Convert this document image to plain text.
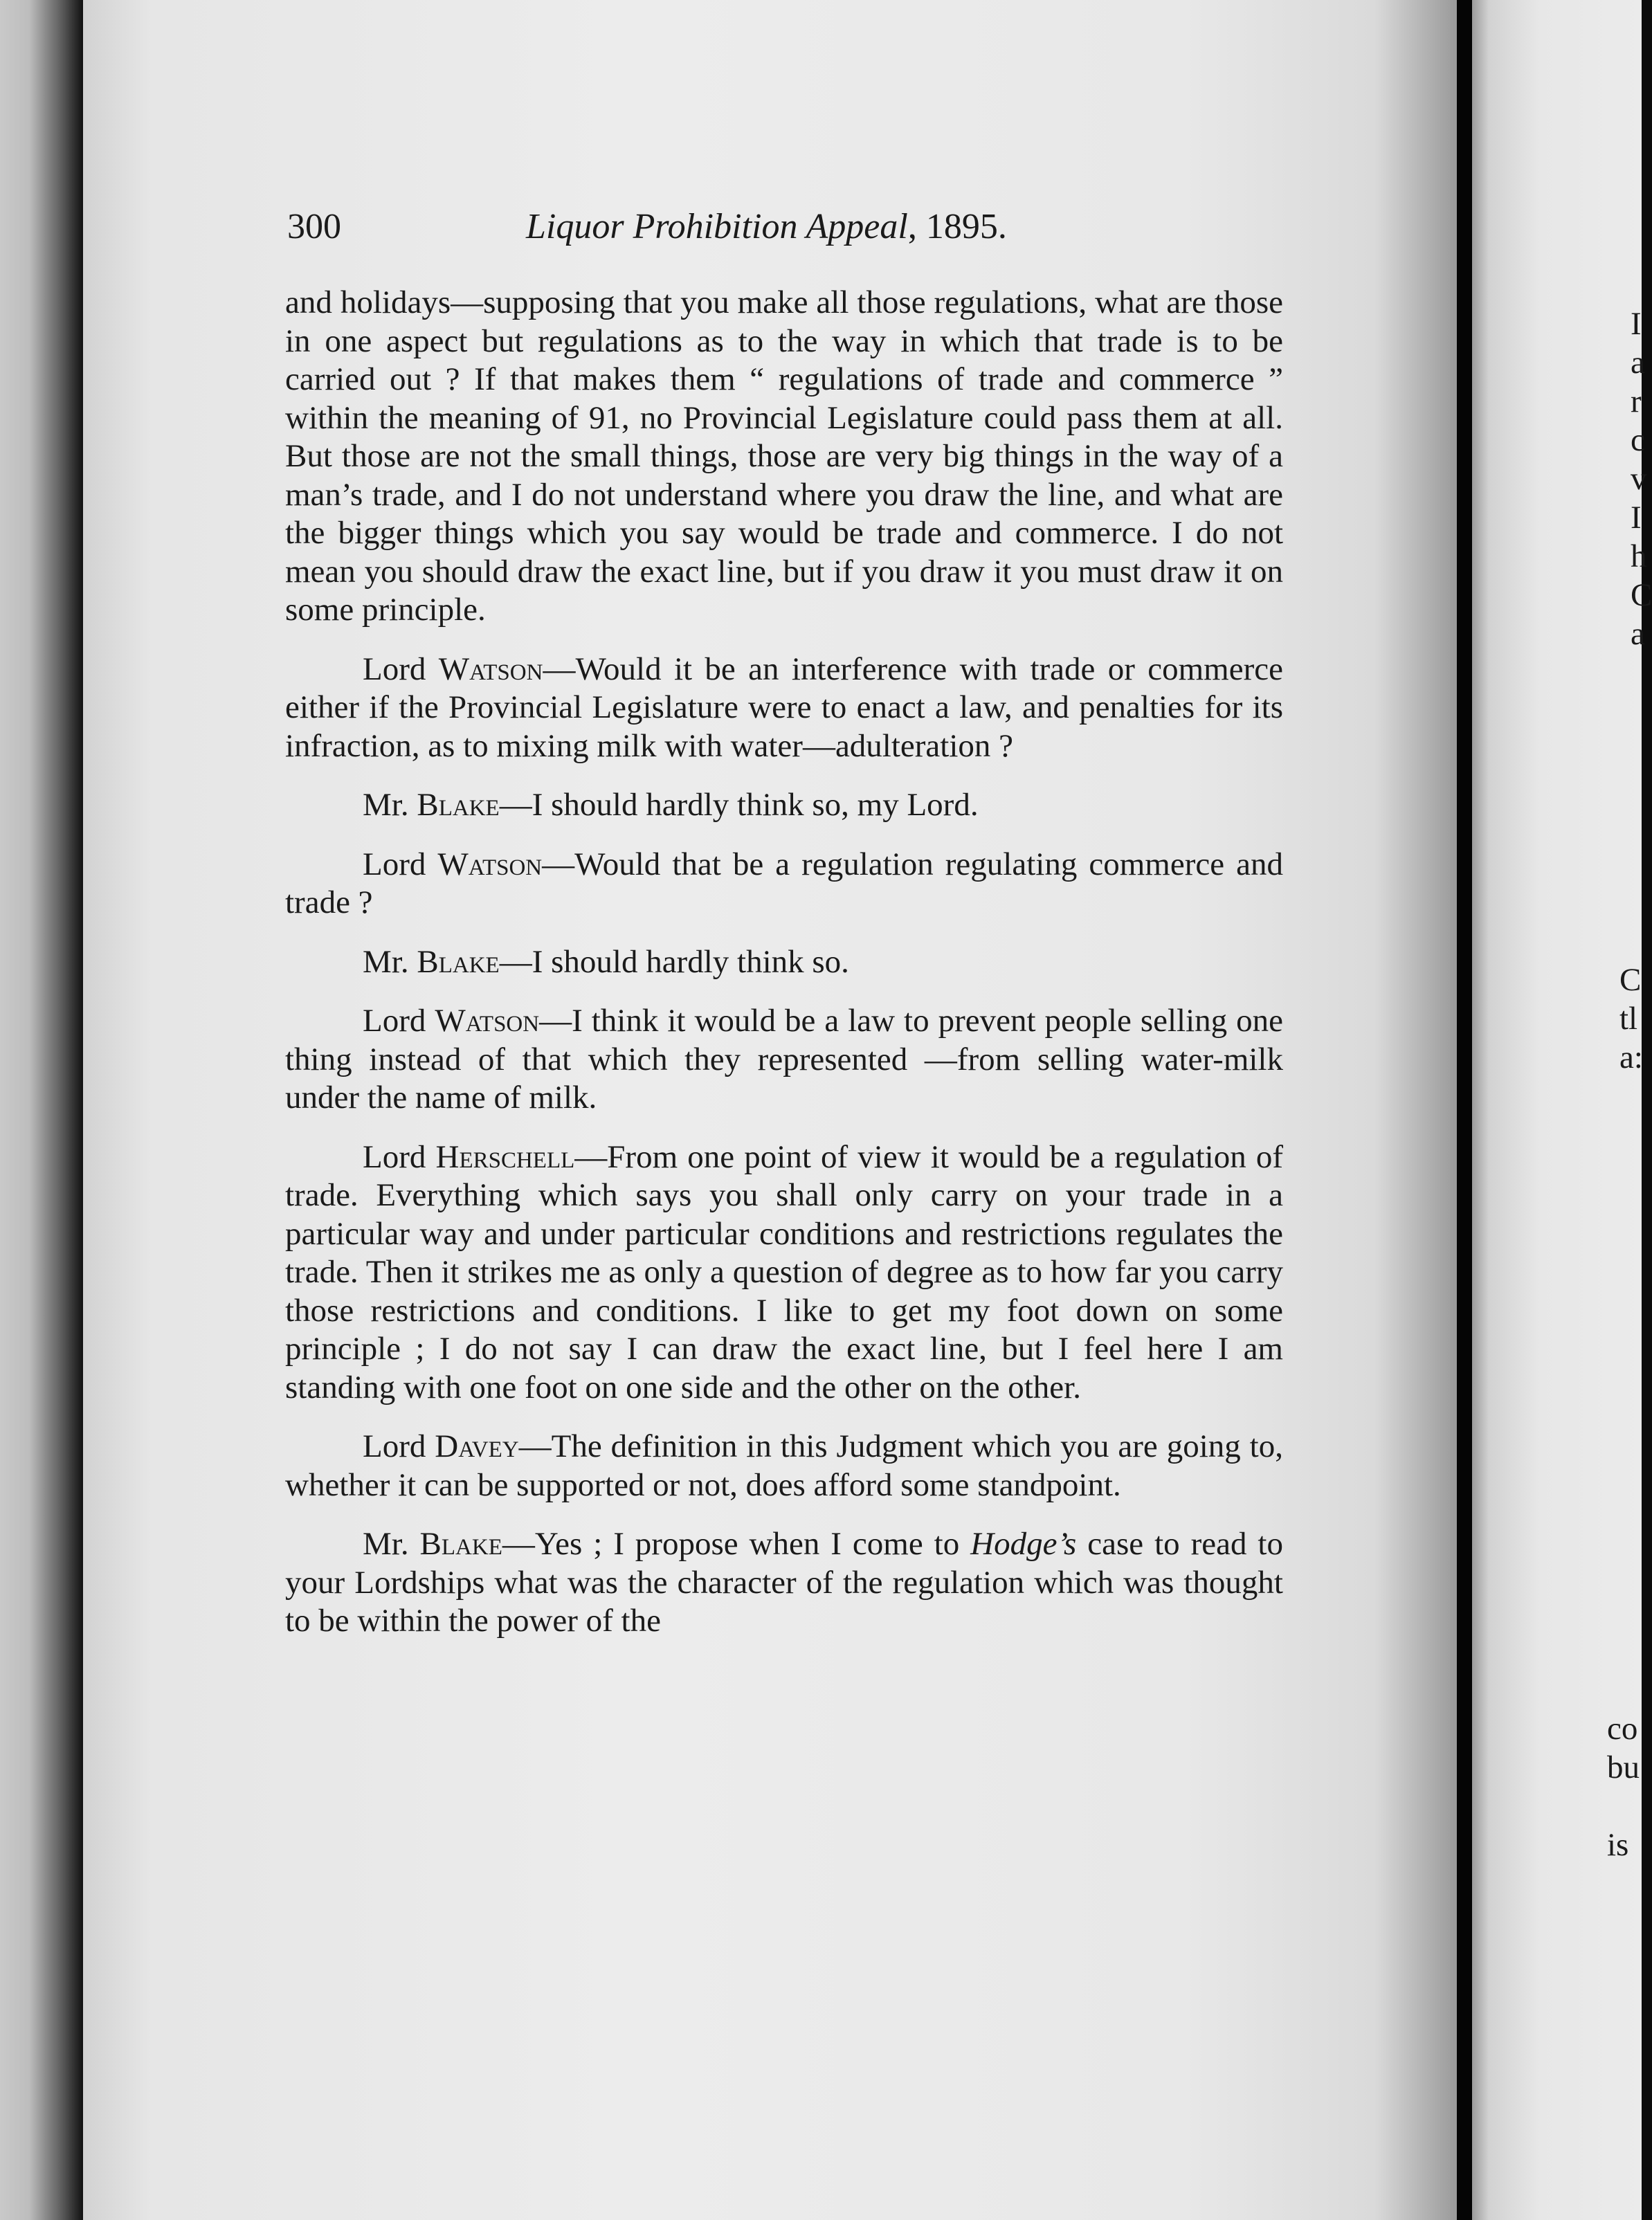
300	Liquor Prohibition Appeal, 1895.

and holidays—supposing that you make all those regulations, what are those in one aspect but regulations as to the way in which that trade is to be carried out ? If that makes them “ regulations of trade and commerce ” within the meaning of 91, no Provincial Legislature could pass them at all. But those are not the small things, those are very big things in the way of a man’s trade, and I do not understand where you draw the line, and what are the bigger things which you say would be trade and commerce. I do not mean you should draw the exact line, but if you draw it you must draw it on some principle.

Lord Watson—Would it be an interference with trade or commerce either if the Provincial Legislature were to enact a law, and penalties for its infraction, as to mixing milk with water—adulteration ?

Mr. Blake—I should hardly think so, my Lord.

Lord Watson—Would that be a regulation regulating commerce and trade ?

Mr. Blake—I should hardly think so.

Lord Watson—I think it would be a law to prevent people selling one thing instead of that which they represented —from selling water-milk under the name of milk.

Lord Herschell—From one point of view it would be a regulation of trade. Everything which says you shall only carry on your trade in a particular way and under particular conditions and restrictions regulates the trade. Then it strikes me as only a question of degree as to how far you carry those restrictions and conditions. I like to get my foot down on some principle ; I do not say I can draw the exact line, but I feel here I am standing with one foot on one side and the other on the other.

Lord Davey—The definition in this Judgment which you are going to, whether it can be supported or not, does afford some standpoint.

Mr. Blake—Yes ; I propose when I come to Hodge’s case to read to your Lordships what was the character of the regulation which was thought to be within the power of the

I
a
r
c
v
I
h
C
a
C
tl
a:
co
bu

is
